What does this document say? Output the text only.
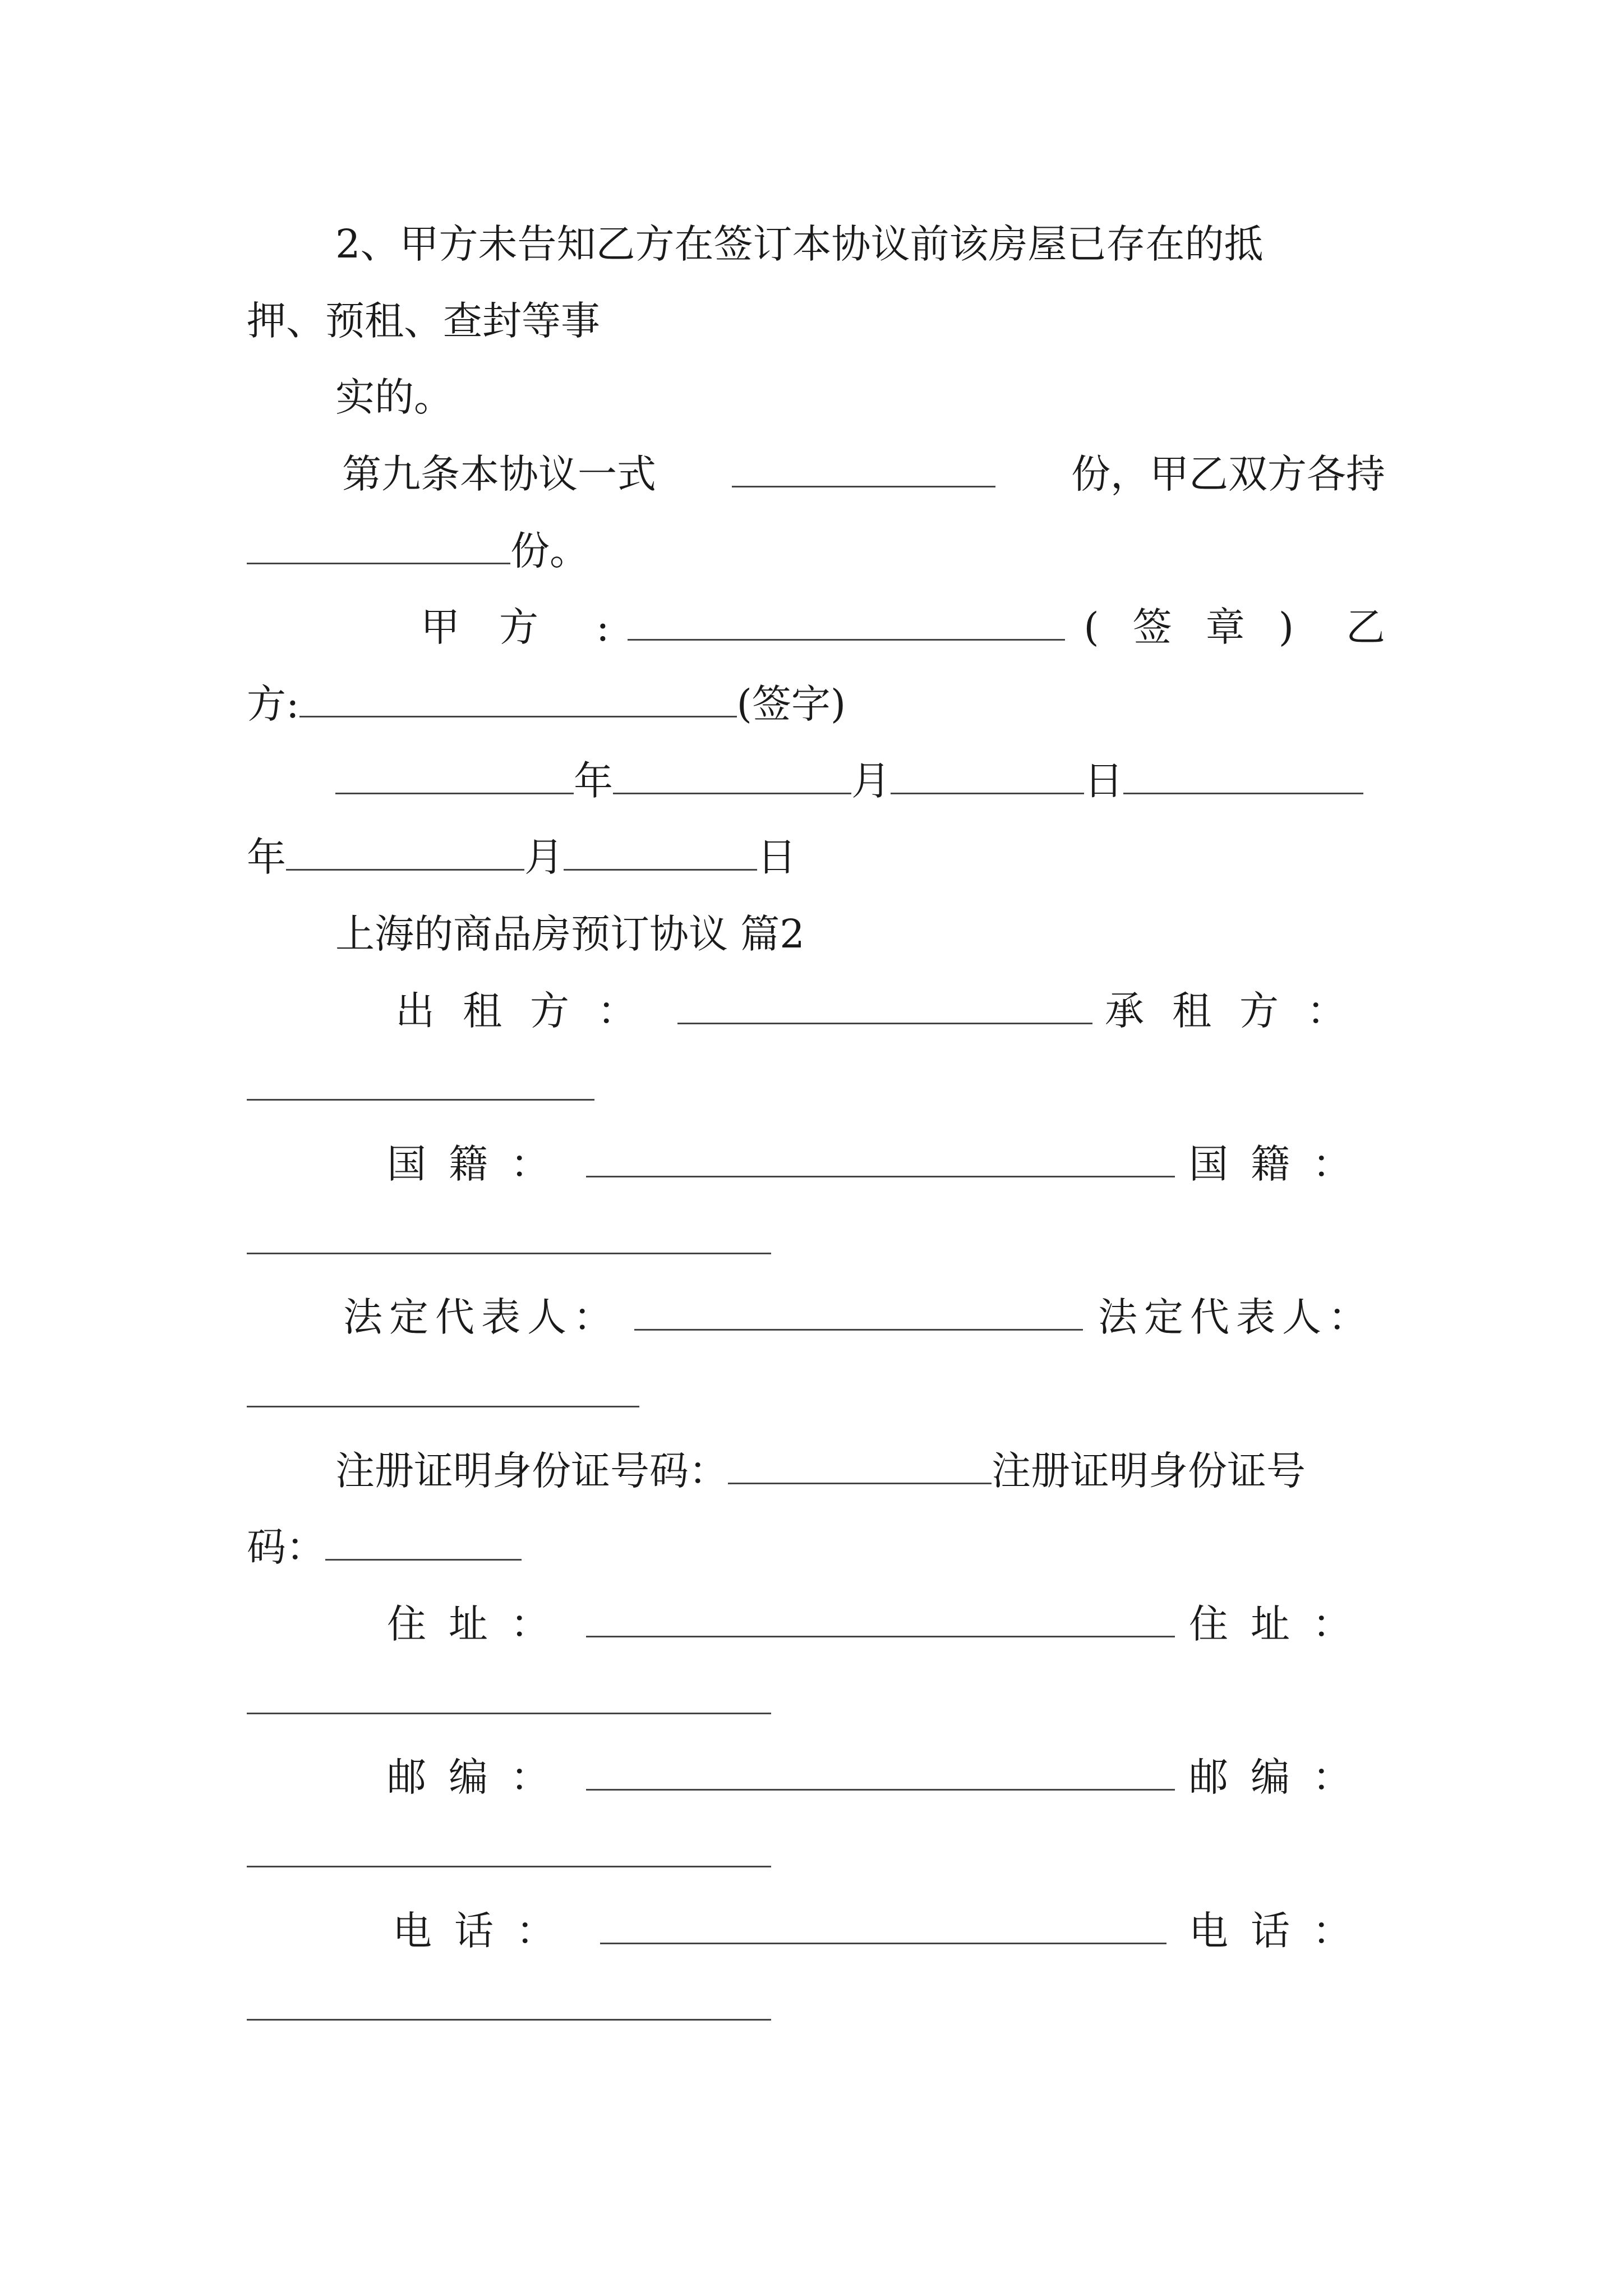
2、甲方未告知乙方在签订本协议前该房屋已存在的抵
押、预租、查封等事
实的。
第九条本协议一式	份，甲乙双方各持
份。
甲方 :	(签章) 乙
方:	(签字)
年	月	日
年	月	日
上海的商品房预订协议 篇2
出租方：	承租方：
国籍：	国籍：
法定代表人：	法定代表人：
注册证明身份证号码：	注册证明身份证号
码：
住址：	住址：
邮编：	邮编：
电话：	电话：
